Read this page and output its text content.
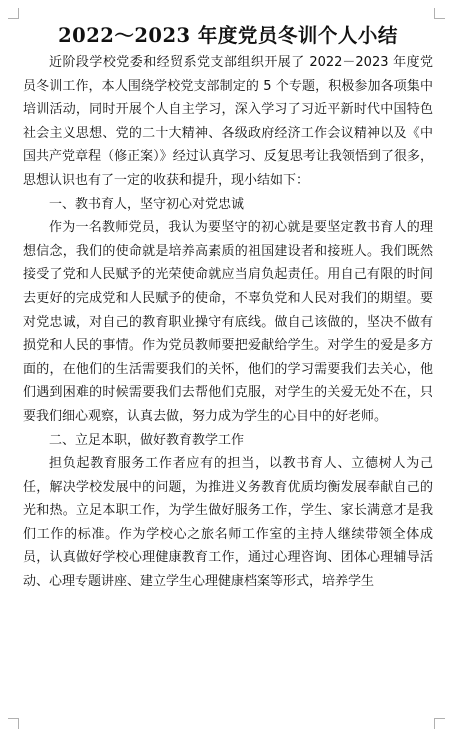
2022～2023 年度党员冬训个人小结

近阶段学校党委和经贸系党支部组织开展了 2022－2023 年度党员冬训工作，本人围绕学校党支部制定的 5 个专题，积极参加各项集中培训活动，同时开展个人自主学习，深入学习了习近平新时代中国特色社会主义思想、党的二十大精神、各级政府经济工作会议精神以及《中国共产党章程（修正案）》经过认真学习、反复思考让我领悟到了很多，思想认识也有了一定的收获和提升，现小结如下：

一、教书育人，坚守初心对党忠诚

作为一名教师党员，我认为要坚守的初心就是要坚定教书育人的理想信念，我们的使命就是培养高素质的祖国建设者和接班人。我们既然接受了党和人民赋予的光荣使命就应当肩负起责任。用自己有限的时间去更好的完成党和人民赋予的使命，不辜负党和人民对我们的期望。要对党忠诚，对自己的教育职业操守有底线。做自己该做的，坚决不做有损党和人民的事情。作为党员教师要把爱献给学生。对学生的爱是多方面的，在他们的生活需要我们的关怀，他们的学习需要我们去关心，他们遇到困难的时候需要我们去帮他们克服，对学生的关爱无处不在，只要我们细心观察，认真去做，努力成为学生的心目中的好老师。

二、立足本职，做好教育教学工作

担负起教育服务工作者应有的担当，以教书育人、立德树人为己任，解决学校发展中的问题，为推进义务教育优质均衡发展奉献自己的光和热。立足本职工作，为学生做好服务工作，学生、家长满意才是我们工作的标准。作为学校心之旅名师工作室的主持人继续带领全体成员，认真做好学校心理健康教育工作，通过心理咨询、团体心理辅导活动、心理专题讲座、建立学生心理健康档案等形式，培养学生
